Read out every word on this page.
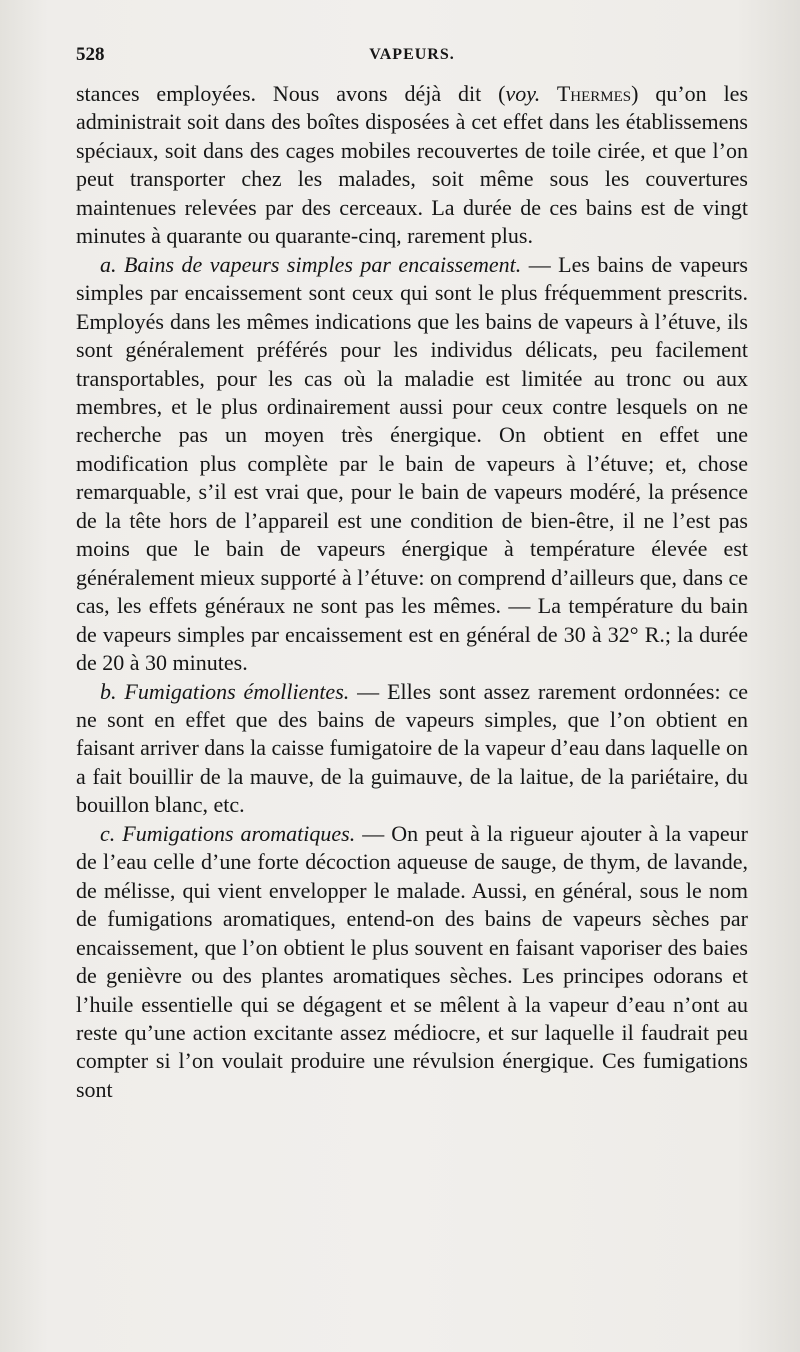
528	VAPEURS.

stances employées. Nous avons déjà dit (voy. Thermes) qu’on les administrait soit dans des boîtes disposées à cet effet dans les établissemens spéciaux, soit dans des cages mobiles recouvertes de toile cirée, et que l’on peut transporter chez les malades, soit même sous les couvertures maintenues relevées par des cerceaux. La durée de ces bains est de vingt minutes à quarante ou quarante-cinq, rarement plus.

a. Bains de vapeurs simples par encaissement. — Les bains de vapeurs simples par encaissement sont ceux qui sont le plus fréquemment prescrits. Employés dans les mêmes indications que les bains de vapeurs à l’étuve, ils sont généralement préférés pour les individus délicats, peu facilement transportables, pour les cas où la maladie est limitée au tronc ou aux membres, et le plus ordinairement aussi pour ceux contre lesquels on ne recherche pas un moyen très énergique. On obtient en effet une modification plus complète par le bain de vapeurs à l’étuve; et, chose remarquable, s’il est vrai que, pour le bain de vapeurs modéré, la présence de la tête hors de l’appareil est une condition de bien-être, il ne l’est pas moins que le bain de vapeurs énergique à température élevée est généralement mieux supporté à l’étuve: on comprend d’ailleurs que, dans ce cas, les effets généraux ne sont pas les mêmes. — La température du bain de vapeurs simples par encaissement est en général de 30 à 32° R.; la durée de 20 à 30 minutes.

b. Fumigations émollientes. — Elles sont assez rarement ordonnées: ce ne sont en effet que des bains de vapeurs simples, que l’on obtient en faisant arriver dans la caisse fumigatoire de la vapeur d’eau dans laquelle on a fait bouillir de la mauve, de la guimauve, de la laitue, de la pariétaire, du bouillon blanc, etc.

c. Fumigations aromatiques. — On peut à la rigueur ajouter à la vapeur de l’eau celle d’une forte décoction aqueuse de sauge, de thym, de lavande, de mélisse, qui vient envelopper le malade. Aussi, en général, sous le nom de fumigations aromatiques, entend-on des bains de vapeurs sèches par encaissement, que l’on obtient le plus souvent en faisant vaporiser des baies de genièvre ou des plantes aromatiques sèches. Les principes odorans et l’huile essentielle qui se dégagent et se mêlent à la vapeur d’eau n’ont au reste qu’une action excitante assez médiocre, et sur laquelle il faudrait peu compter si l’on voulait produire une révulsion énergique. Ces fumigations sont
